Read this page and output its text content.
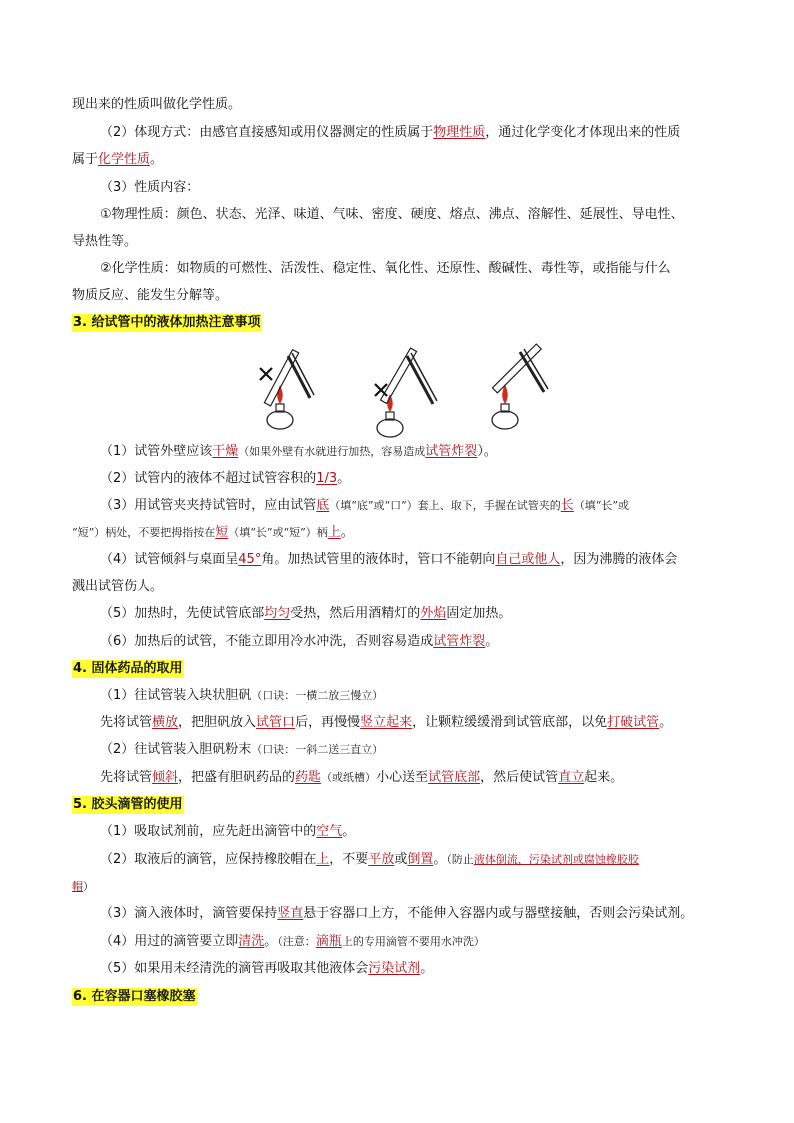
现出来的性质叫做化学性质。
（2）体现方式：由感官直接感知或用仪器测定的性质属于物理性质，通过化学变化才体现出来的性质
属于化学性质。
（3）性质内容：
①物理性质：颜色、状态、光泽、味道、气味、密度、硬度、熔点、沸点、溶解性、延展性、导电性、
导热性等。
②化学性质：如物质的可燃性、活泼性、稳定性、氧化性、还原性、酸碱性、毒性等，或指能与什么
物质反应、能发生分解等。
3. 给试管中的液体加热注意事项
（1）试管外壁应该干燥（如果外壁有水就进行加热，容易造成试管炸裂）。
（2）试管内的液体不超过试管容积的1/3。
（3）用试管夹夹持试管时，应由试管底（填“底”或“口”）套上、取下，手握在试管夹的长（填“长”或
“短”）柄处，不要把拇指按在短（填“长”或“短”）柄上。
（4）试管倾斜与桌面呈45°角。加热试管里的液体时，管口不能朝向自己或他人，因为沸腾的液体会
溅出试管伤人。
（5）加热时，先使试管底部均匀受热，然后用酒精灯的外焰固定加热。
（6）加热后的试管，不能立即用冷水冲洗，否则容易造成试管炸裂。
4. 固体药品的取用
（1）往试管装入块状胆矾（口诀：一横二放三慢立）
先将试管横放，把胆矾放入试管口后，再慢慢竖立起来，让颗粒缓缓滑到试管底部，以免打破试管。
（2）往试管装入胆矾粉末（口诀：一斜二送三直立）
先将试管倾斜，把盛有胆矾药品的药匙（或纸槽）小心送至试管底部，然后使试管直立起来。
5. 胶头滴管的使用
（1）吸取试剂前，应先赶出滴管中的空气。
（2）取液后的滴管，应保持橡胶帽在上，不要平放或倒置。（防止液体倒流，污染试剂或腐蚀橡胶胶
帽）
（3）滴入液体时，滴管要保持竖直悬于容器口上方，不能伸入容器内或与器壁接触，否则会污染试剂。
（4）用过的滴管要立即清洗。（注意：滴瓶上的专用滴管不要用水冲洗）
（5）如果用未经清洗的滴管再吸取其他液体会污染试剂。
6. 在容器口塞橡胶塞
